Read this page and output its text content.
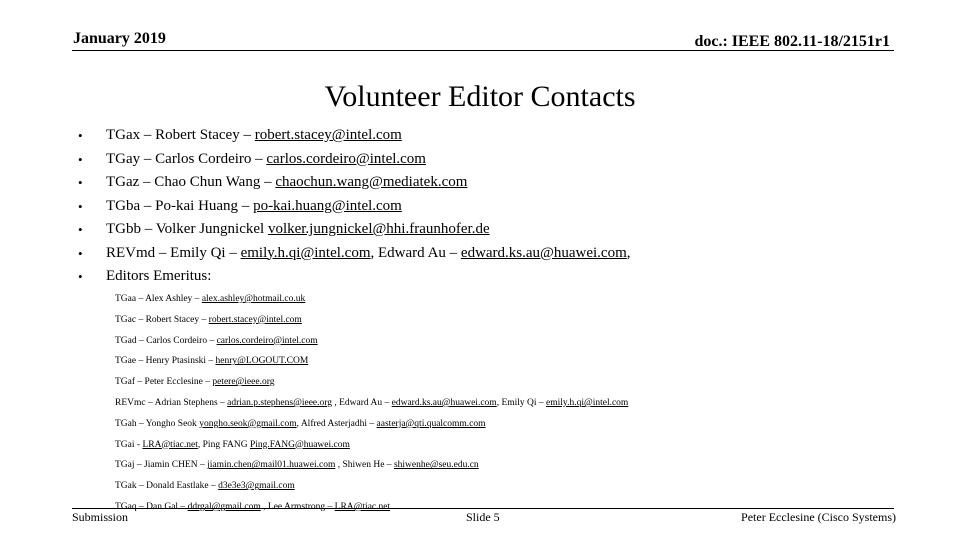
January 2019	doc.: IEEE 802.11-18/2151r1
Volunteer Editor Contacts
• TGax – Robert Stacey – robert.stacey@intel.com
• TGay – Carlos Cordeiro – carlos.cordeiro@intel.com
• TGaz – Chao Chun Wang – chaochun.wang@mediatek.com
• TGba – Po-kai Huang – po-kai.huang@intel.com
• TGbb – Volker Jungnickel volker.jungnickel@hhi.fraunhofer.de
• REVmd – Emily Qi – emily.h.qi@intel.com, Edward Au – edward.ks.au@huawei.com,
• Editors Emeritus:
TGaa – Alex Ashley – alex.ashley@hotmail.co.uk
TGac – Robert Stacey – robert.stacey@intel.com
TGad – Carlos Cordeiro – carlos.cordeiro@intel.com
TGae – Henry Ptasinski – henry@LOGOUT.COM
TGaf – Peter Ecclesine – petere@ieee.org
REVmc – Adrian Stephens – adrian.p.stephens@ieee.org , Edward Au – edward.ks.au@huawei.com, Emily Qi – emily.h.qi@intel.com
TGah – Yongho Seok yongho.seok@gmail.com, Alfred Asterjadhi – aasterja@qti.qualcomm.com
TGai - LRA@tiac.net, Ping FANG Ping.FANG@huawei.com
TGaj – Jiamin CHEN – jiamin.chen@mail01.huawei.com , Shiwen He – shiwenhe@seu.edu.cn
TGak – Donald Eastlake – d3e3e3@gmail.com
TGaq – Dan Gal – ddrgal@gmail.com , Lee Armstrong – LRA@tiac.net
Submission	Slide 5	Peter Ecclesine (Cisco Systems)
